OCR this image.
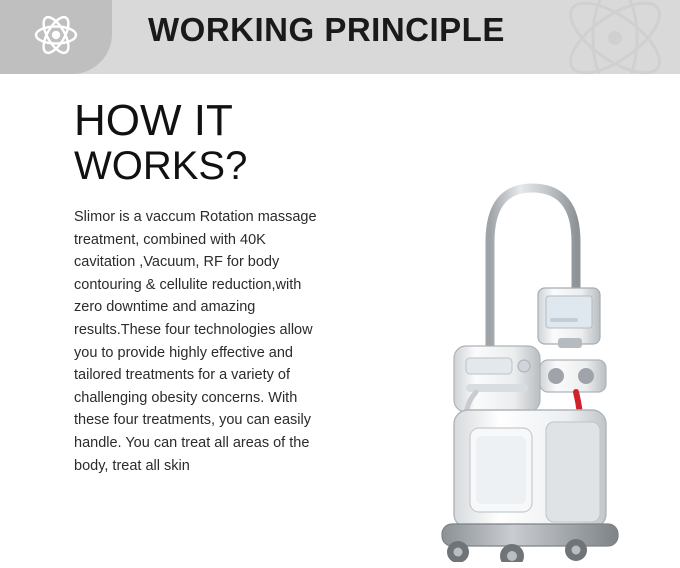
WORKING PRINCIPLE
HOW IT
WORKS?
Slimor is a vaccum Rotation massage treatment, combined with 40K cavitation ,Vacuum, RF for body contouring & cellulite reduction,with zero downtime and amazing results.These four technologies allow you to provide highly effective and tailored treatments for a variety of challenging obesity concerns. With these four treatments, you can easily handle. You can treat all areas of the body, treat all skin
